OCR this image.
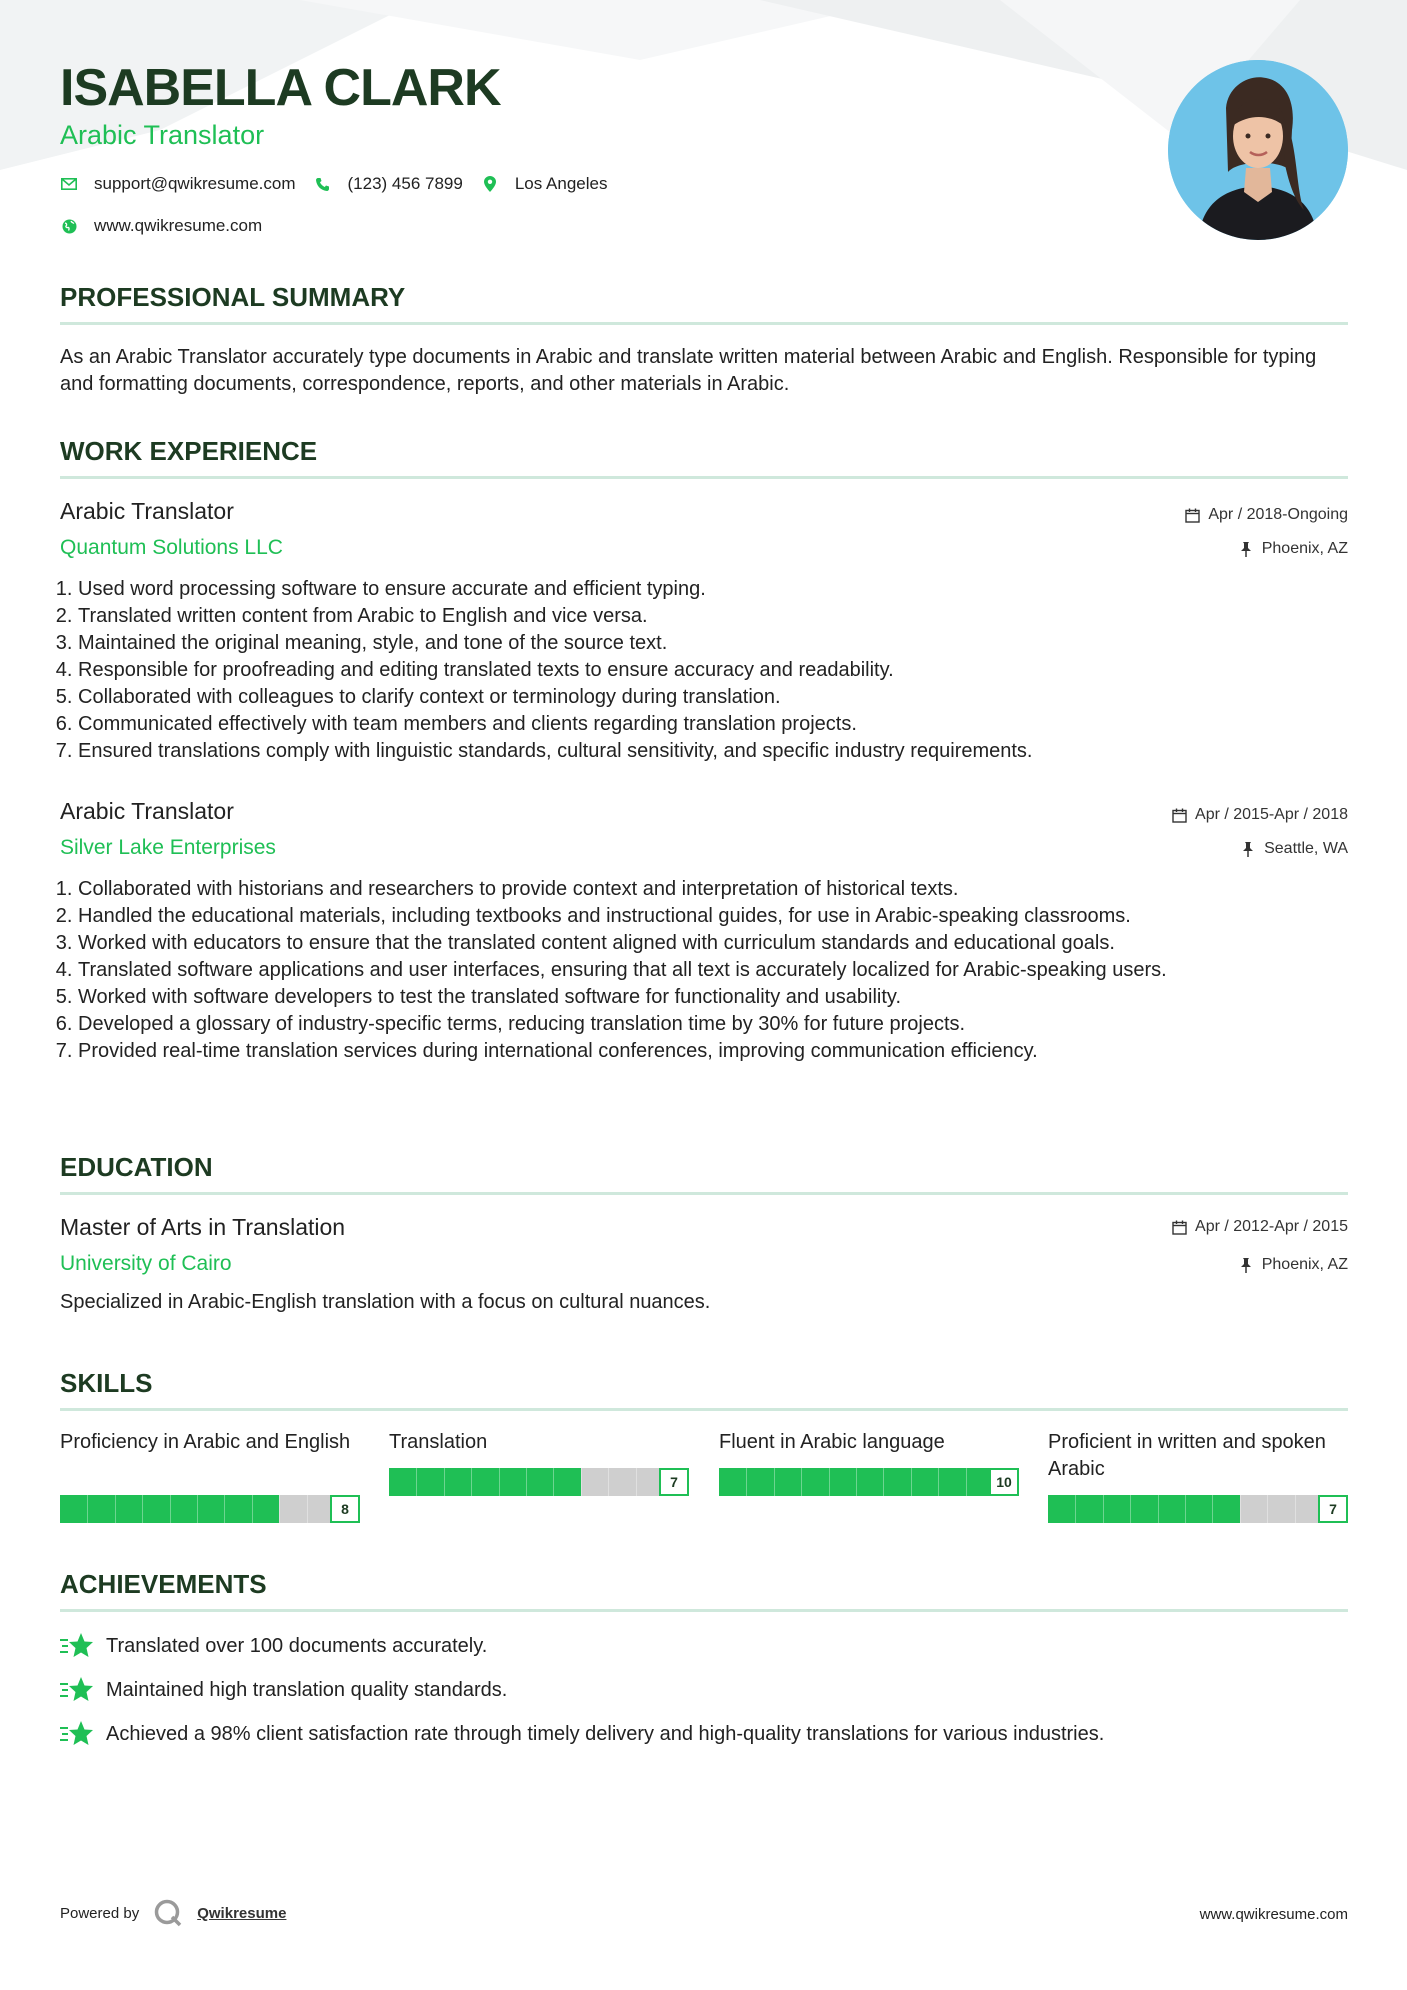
ISABELLA CLARK
Arabic Translator
support@qwikresume.com	(123) 456 7899	Los Angeles
www.qwikresume.com
PROFESSIONAL SUMMARY

As an Arabic Translator accurately type documents in Arabic and translate written material between Arabic and English. Responsible for typing and formatting documents, correspondence, reports, and other materials in Arabic.

WORK EXPERIENCE
Arabic Translator	Apr / 2018-Ongoing
Quantum Solutions LLC	Phoenix, AZ
1. Used word processing software to ensure accurate and efficient typing.
2. Translated written content from Arabic to English and vice versa.
3. Maintained the original meaning, style, and tone of the source text.
4. Responsible for proofreading and editing translated texts to ensure accuracy and readability.
5. Collaborated with colleagues to clarify context or terminology during translation.
6. Communicated effectively with team members and clients regarding translation projects.
7. Ensured translations comply with linguistic standards, cultural sensitivity, and specific industry requirements.
Arabic Translator	Apr / 2015-Apr / 2018
Silver Lake Enterprises	Seattle, WA
1. Collaborated with historians and researchers to provide context and interpretation of historical texts.
2. Handled the educational materials, including textbooks and instructional guides, for use in Arabic-speaking classrooms.
3. Worked with educators to ensure that the translated content aligned with curriculum standards and educational goals.
4. Translated software applications and user interfaces, ensuring that all text is accurately localized for Arabic-speaking users.
5. Worked with software developers to test the translated software for functionality and usability.
6. Developed a glossary of industry-specific terms, reducing translation time by 30% for future projects.
7. Provided real-time translation services during international conferences, improving communication efficiency.
EDUCATION
Master of Arts in Translation	Apr / 2012-Apr / 2015
University of Cairo	Phoenix, AZ

Specialized in Arabic-English translation with a focus on cultural nuances.

SKILLS
Proficiency in Arabic and English
8
Translation
7
Fluent in Arabic language
10
Proficient in written and spoken Arabic
7
ACHIEVEMENTS
Translated over 100 documents accurately.
Maintained high translation quality standards.
Achieved a 98% client satisfaction rate through timely delivery and high-quality translations for various industries.
Powered by	Qwikresume	www.qwikresume.com
